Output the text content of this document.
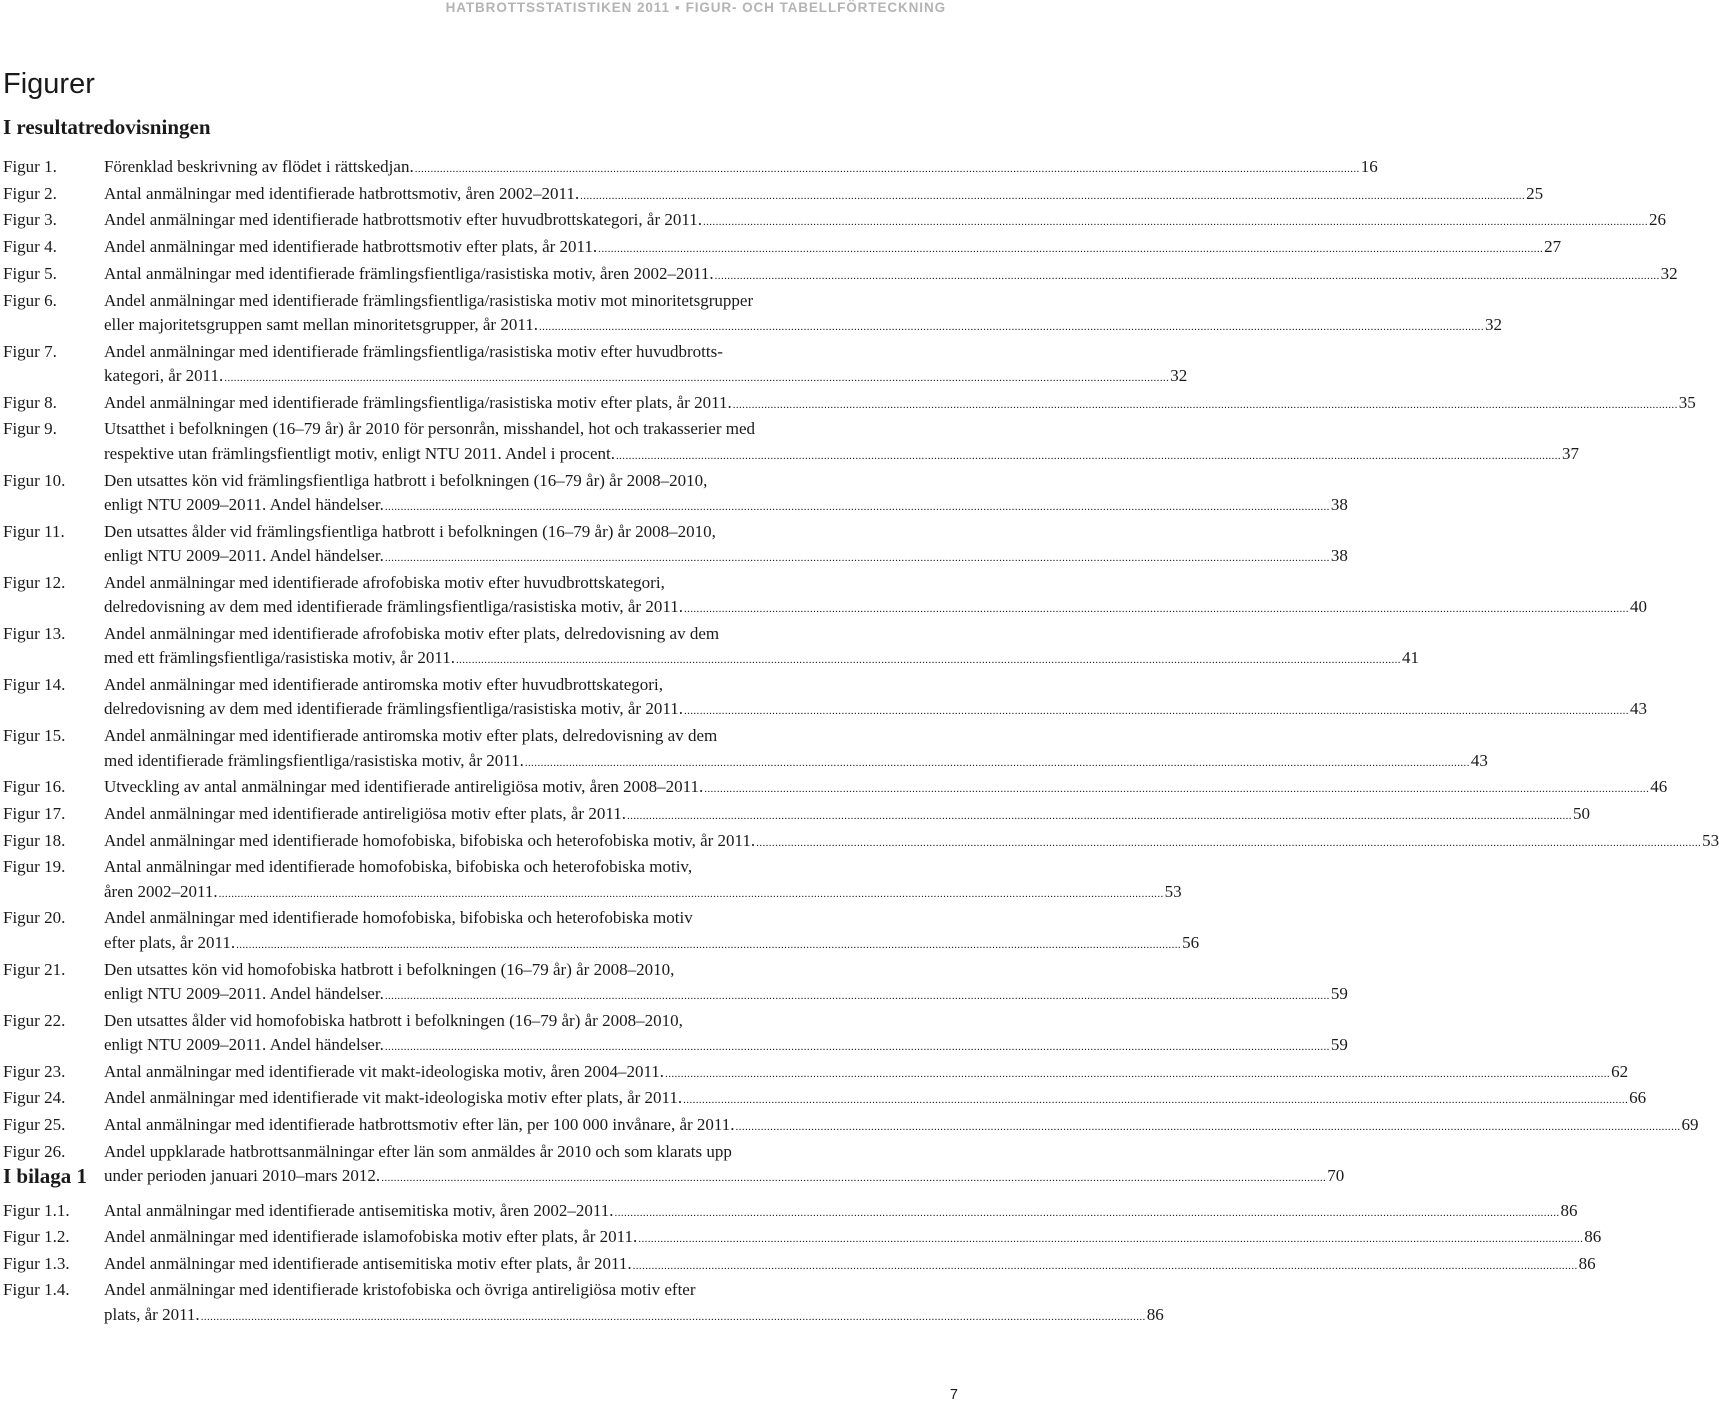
HATBROTTSSTATISTIKEN 2011 ▪ FIGUR- OCH TABELLFÖRTECKNING
Figurer
I resultatredovisningen
Figur 1.	Förenklad beskrivning av flödet i rättskedjan. ............................................................................................................................................................................................................................................................................................................ 16
Figur 2.	Antal anmälningar med identifierade hatbrottsmotiv, åren 2002–2011. ............................................................................................................................................................................................................................................................................................................ 25
Figur 3.	Andel anmälningar med identifierade hatbrottsmotiv efter huvudbrottskategori, år 2011. ............................................................................................................................................................................................................................................................................................................ 26
Figur 4.	Andel anmälningar med identifierade hatbrottsmotiv efter plats, år 2011. ............................................................................................................................................................................................................................................................................................................ 27
Figur 5.	Antal anmälningar med identifierade främlingsfientliga/rasistiska motiv, åren 2002–2011. ............................................................................................................................................................................................................................................................................................................ 32
Figur 6.	Andel anmälningar med identifierade främlingsfientliga/rasistiska motiv mot minoritetsgrupper
eller majoritetsgruppen samt mellan minoritetsgrupper, år 2011. ............................................................................................................................................................................................................................................................................................................ 32
Figur 7.	Andel anmälningar med identifierade främlingsfientliga/rasistiska motiv efter huvudbrotts-
kategori, år 2011. ............................................................................................................................................................................................................................................................................................................ 32
Figur 8.	Andel anmälningar med identifierade främlingsfientliga/rasistiska motiv efter plats, år 2011. ............................................................................................................................................................................................................................................................................................................ 35
Figur 9.	Utsatthet i befolkningen (16–79 år) år 2010 för personrån, misshandel, hot och trakasserier med
respektive utan främlingsfientligt motiv, enligt NTU 2011. Andel i procent. ............................................................................................................................................................................................................................................................................................................ 37
Figur 10.	Den utsattes kön vid främlingsfientliga hatbrott i befolkningen (16–79 år) år 2008–2010,
enligt NTU 2009–2011. Andel händelser. ............................................................................................................................................................................................................................................................................................................ 38
Figur 11.	Den utsattes ålder vid främlingsfientliga hatbrott i befolkningen (16–79 år) år 2008–2010,
enligt NTU 2009–2011. Andel händelser. ............................................................................................................................................................................................................................................................................................................ 38
Figur 12.	Andel anmälningar med identifierade afrofobiska motiv efter huvudbrottskategori,
delredovisning av dem med identifierade främlingsfientliga/rasistiska motiv, år 2011. ............................................................................................................................................................................................................................................................................................................ 40
Figur 13.	Andel anmälningar med identifierade afrofobiska motiv efter plats, delredovisning av dem
med ett främlingsfientliga/rasistiska motiv, år 2011. ............................................................................................................................................................................................................................................................................................................ 41
Figur 14.	Andel anmälningar med identifierade antiromska motiv efter huvudbrottskategori,
delredovisning av dem med identifierade främlingsfientliga/rasistiska motiv, år 2011. ............................................................................................................................................................................................................................................................................................................ 43
Figur 15.	Andel anmälningar med identifierade antiromska motiv efter plats, delredovisning av dem
med identifierade främlingsfientliga/rasistiska motiv, år 2011. ............................................................................................................................................................................................................................................................................................................ 43
Figur 16.	Utveckling av antal anmälningar med identifierade antireligiösa motiv, åren 2008–2011. ............................................................................................................................................................................................................................................................................................................ 46
Figur 17.	Andel anmälningar med identifierade antireligiösa motiv efter plats, år 2011. ............................................................................................................................................................................................................................................................................................................ 50
Figur 18.	Andel anmälningar med identifierade homofobiska, bifobiska och heterofobiska motiv, år 2011. ............................................................................................................................................................................................................................................................................................................ 53
Figur 19.	Antal anmälningar med identifierade homofobiska, bifobiska och heterofobiska motiv,
åren 2002–2011. ............................................................................................................................................................................................................................................................................................................ 53
Figur 20.	Andel anmälningar med identifierade homofobiska, bifobiska och heterofobiska motiv
efter plats, år 2011. ............................................................................................................................................................................................................................................................................................................ 56
Figur 21.	Den utsattes kön vid homofobiska hatbrott i befolkningen (16–79 år) år 2008–2010,
enligt NTU 2009–2011. Andel händelser. ............................................................................................................................................................................................................................................................................................................ 59
Figur 22.	Den utsattes ålder vid homofobiska hatbrott i befolkningen (16–79 år) år 2008–2010,
enligt NTU 2009–2011. Andel händelser. ............................................................................................................................................................................................................................................................................................................ 59
Figur 23.	Antal anmälningar med identifierade vit makt-ideologiska motiv, åren 2004–2011. ............................................................................................................................................................................................................................................................................................................ 62
Figur 24.	Andel anmälningar med identifierade vit makt-ideologiska motiv efter plats, år 2011. ............................................................................................................................................................................................................................................................................................................ 66
Figur 25.	Antal anmälningar med identifierade hatbrottsmotiv efter län, per 100 000 invånare, år 2011. ............................................................................................................................................................................................................................................................................................................ 69
Figur 26.	Andel uppklarade hatbrottsanmälningar efter län som anmäldes år 2010 och som klarats upp
under perioden januari 2010–mars 2012. ............................................................................................................................................................................................................................................................................................................ 70
I bilaga 1
Figur 1.1.	Antal anmälningar med identifierade antisemitiska motiv, åren 2002–2011. ............................................................................................................................................................................................................................................................................................................ 86
Figur 1.2.	Andel anmälningar med identifierade islamofobiska motiv efter plats, år 2011. ............................................................................................................................................................................................................................................................................................................ 86
Figur 1.3.	Andel anmälningar med identifierade antisemitiska motiv efter plats, år 2011. ............................................................................................................................................................................................................................................................................................................ 86
Figur 1.4.	Andel anmälningar med identifierade kristofobiska och övriga antireligiösa motiv efter
plats, år 2011. ............................................................................................................................................................................................................................................................................................................ 86
7
